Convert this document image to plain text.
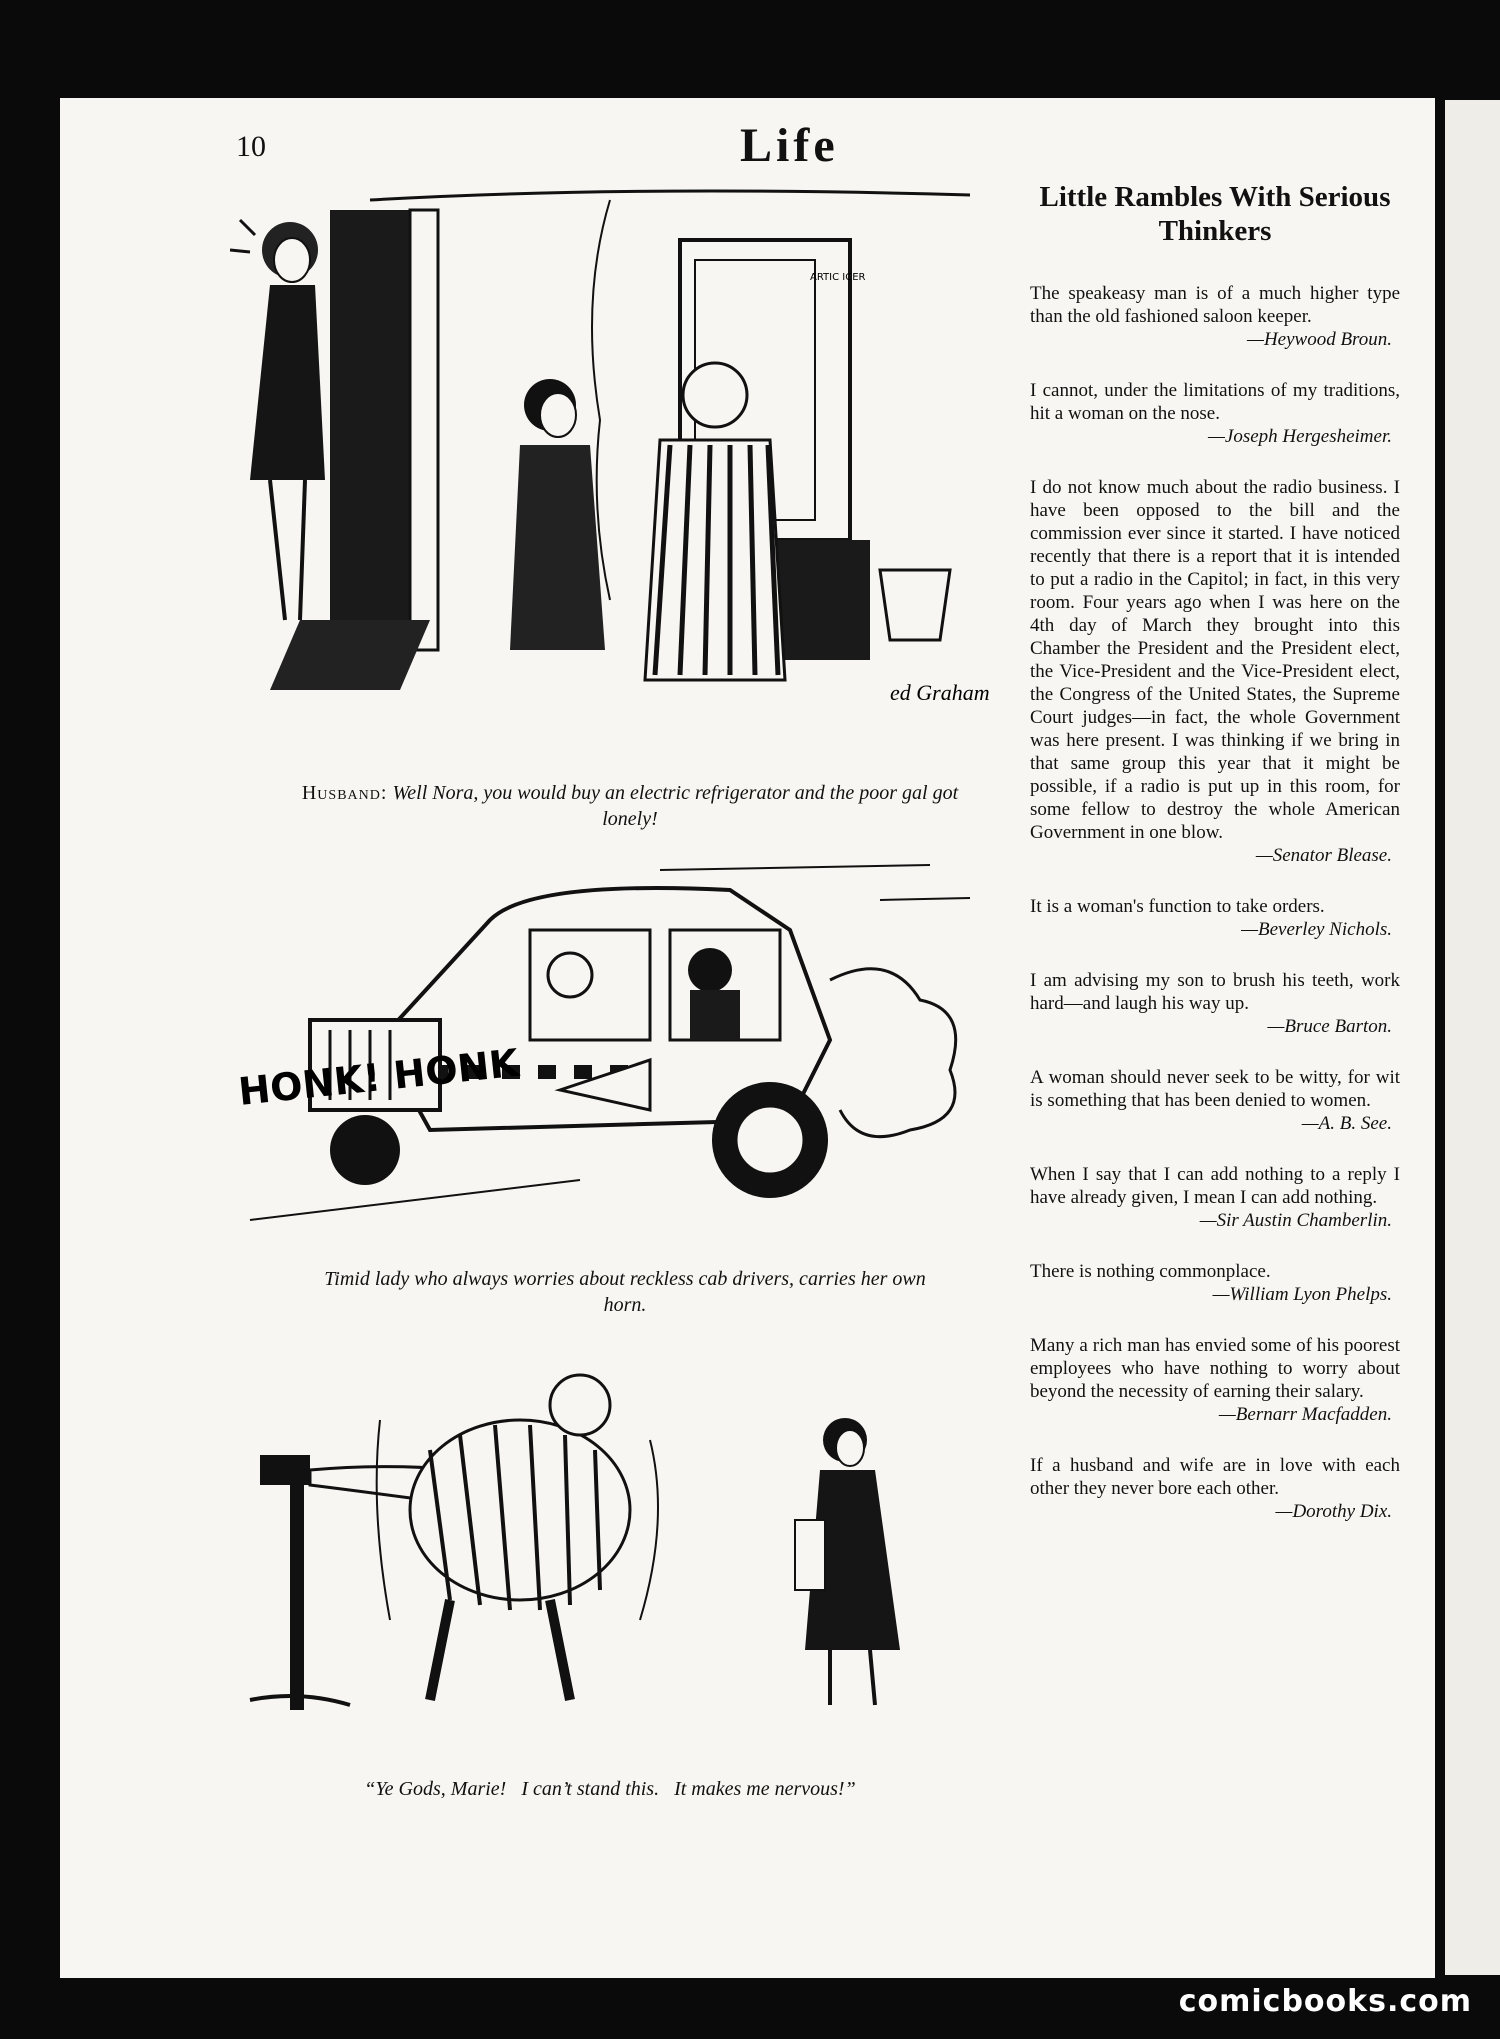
10	Life
ARTIC ICER
ed Graham
Husband: Well Nora, you would buy an electric refrigerator and the poor gal got lonely!
HONK! HONK
Timid lady who always worries about reckless cab drivers, carries her own horn.
“Ye Gods, Marie!   I can’t stand this.   It makes me nervous!”
Little Rambles With Serious Thinkers

The speakeasy man is of a much higher type than the old fashioned saloon keeper.
—Heywood Broun.

I cannot, under the limitations of my traditions, hit a woman on the nose.
—Joseph Hergesheimer.

I do not know much about the radio business. I have been opposed to the bill and the commission ever since it started. I have noticed recently that there is a report that it is intended to put a radio in the Capitol; in fact, in this very room. Four years ago when I was here on the 4th day of March they brought into this Chamber the President and the President elect, the Vice-President and the Vice-President elect, the Congress of the United States, the Supreme Court judges—in fact, the whole Government was here present. I was thinking if we bring in that same group this year that it might be possible, if a radio is put up in this room, for some fellow to destroy the whole American Government in one blow.
—Senator Blease.

It is a woman's function to take orders.
—Beverley Nichols.

I am advising my son to brush his teeth, work hard—and laugh his way up.
—Bruce Barton.

A woman should never seek to be witty, for wit is something that has been denied to women.
—A. B. See.

When I say that I can add nothing to a reply I have already given, I mean I can add nothing.
—Sir Austin Chamberlin.

There is nothing commonplace.
—William Lyon Phelps.

Many a rich man has envied some of his poorest employees who have nothing to worry about beyond the necessity of earning their salary.
—Bernarr Macfadden.

If a husband and wife are in love with each other they never bore each other.
—Dorothy Dix.

comicbooks.com
